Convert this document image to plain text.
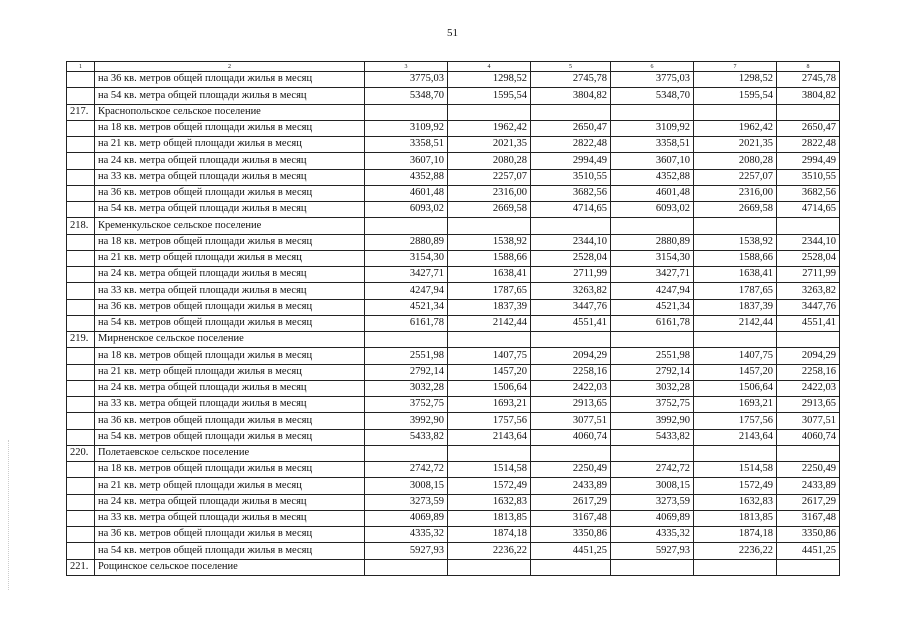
51
1	2	3	4	5	6	7	8
	на 36 кв. метров общей площади жилья в месяц	3775,03	1298,52	2745,78	3775,03	1298,52	2745,78
	на 54 кв. метра общей площади жилья в месяц	5348,70	1595,54	3804,82	5348,70	1595,54	3804,82
217.	Краснопольское сельское поселение						
	на 18 кв. метров общей площади жилья в месяц	3109,92	1962,42	2650,47	3109,92	1962,42	2650,47
	на 21 кв. метр общей площади жилья в месяц	3358,51	2021,35	2822,48	3358,51	2021,35	2822,48
	на 24 кв. метра общей площади жилья в месяц	3607,10	2080,28	2994,49	3607,10	2080,28	2994,49
	на 33 кв. метра общей площади жилья в месяц	4352,88	2257,07	3510,55	4352,88	2257,07	3510,55
	на 36 кв. метров общей площади жилья в месяц	4601,48	2316,00	3682,56	4601,48	2316,00	3682,56
	на 54 кв. метра общей площади жилья в месяц	6093,02	2669,58	4714,65	6093,02	2669,58	4714,65
218.	Кременкульское сельское поселение						
	на 18 кв. метров общей площади жилья в месяц	2880,89	1538,92	2344,10	2880,89	1538,92	2344,10
	на 21 кв. метр общей площади жилья в месяц	3154,30	1588,66	2528,04	3154,30	1588,66	2528,04
	на 24 кв. метра общей площади жилья в месяц	3427,71	1638,41	2711,99	3427,71	1638,41	2711,99
	на 33 кв. метра общей площади жилья в месяц	4247,94	1787,65	3263,82	4247,94	1787,65	3263,82
	на 36 кв. метров общей площади жилья в месяц	4521,34	1837,39	3447,76	4521,34	1837,39	3447,76
	на 54 кв. метров общей площади жилья в месяц	6161,78	2142,44	4551,41	6161,78	2142,44	4551,41
219.	Мирненское сельское поселение						
	на 18 кв. метров общей площади жилья в месяц	2551,98	1407,75	2094,29	2551,98	1407,75	2094,29
	на 21 кв. метр общей площади жилья в месяц	2792,14	1457,20	2258,16	2792,14	1457,20	2258,16
	на 24 кв. метра общей площади жилья в месяц	3032,28	1506,64	2422,03	3032,28	1506,64	2422,03
	на 33 кв. метра общей площади жилья в месяц	3752,75	1693,21	2913,65	3752,75	1693,21	2913,65
	на 36 кв. метров общей площади жилья в месяц	3992,90	1757,56	3077,51	3992,90	1757,56	3077,51
	на 54 кв. метров общей площади жилья в месяц	5433,82	2143,64	4060,74	5433,82	2143,64	4060,74
220.	Полетаевское сельское поселение						
	на 18 кв. метров общей площади жилья в месяц	2742,72	1514,58	2250,49	2742,72	1514,58	2250,49
	на 21 кв. метр общей площади жилья в месяц	3008,15	1572,49	2433,89	3008,15	1572,49	2433,89
	на 24 кв. метра общей площади жилья в месяц	3273,59	1632,83	2617,29	3273,59	1632,83	2617,29
	на 33 кв. метра общей площади жилья в месяц	4069,89	1813,85	3167,48	4069,89	1813,85	3167,48
	на 36 кв. метров общей площади жилья в месяц	4335,32	1874,18	3350,86	4335,32	1874,18	3350,86
	на 54 кв. метров общей площади жилья в месяц	5927,93	2236,22	4451,25	5927,93	2236,22	4451,25
221.	Рощинское сельское поселение						
